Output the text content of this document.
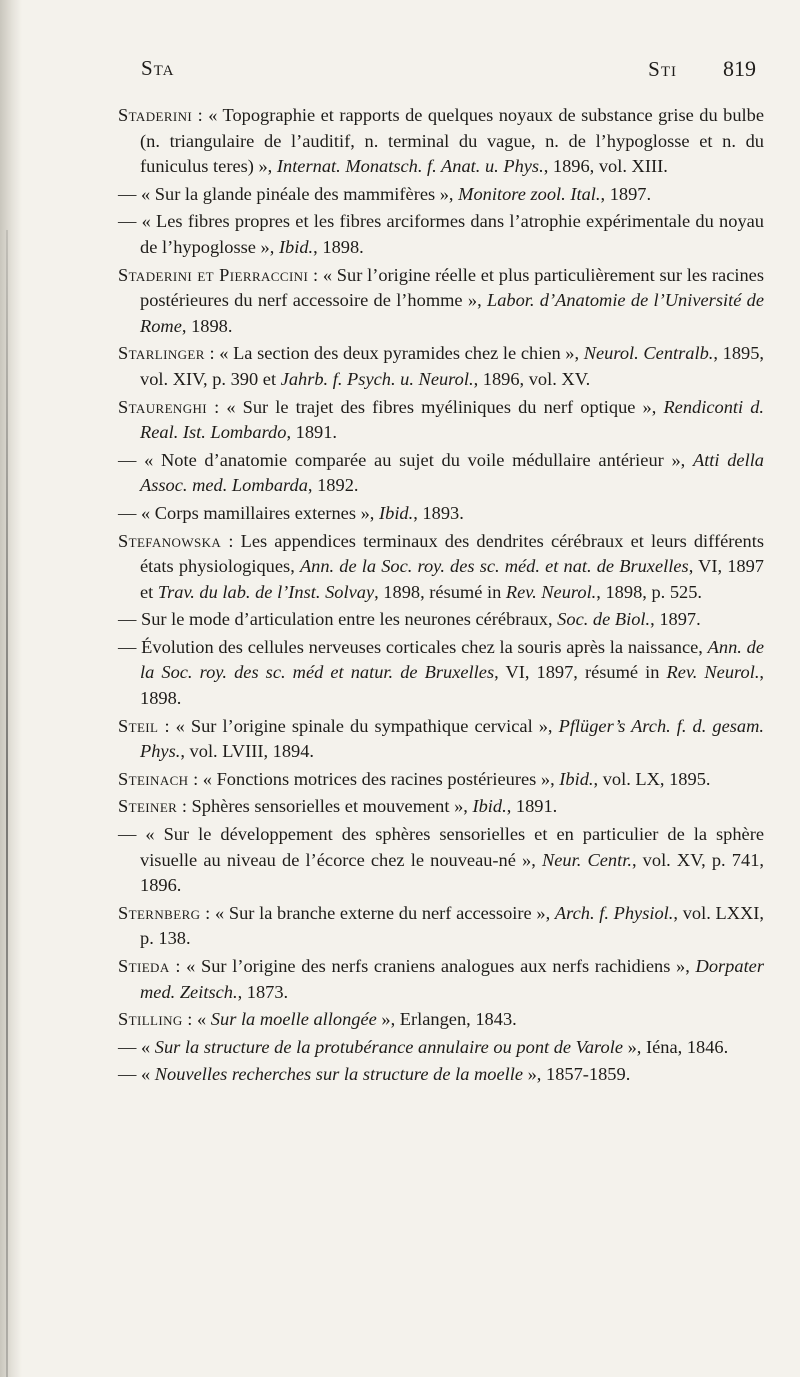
Sta	Sti 819

Staderini : « Topographie et rapports de quelques noyaux de substance grise du bulbe (n. triangulaire de l’auditif, n. terminal du vague, n. de l’hypoglosse et n. du funiculus teres) », Internat. Monatsch. f. Anat. u. Phys., 1896, vol. XIII.

— « Sur la glande pinéale des mammifères », Monitore zool. Ital., 1897.

— « Les fibres propres et les fibres arciformes dans l’atrophie expérimentale du noyau de l’hypoglosse », Ibid., 1898.

Staderini et Pierraccini : « Sur l’origine réelle et plus particulièrement sur les racines postérieures du nerf accessoire de l’homme », Labor. d’Anatomie de l’Université de Rome, 1898.

Starlinger : « La section des deux pyramides chez le chien », Neurol. Centralb., 1895, vol. XIV, p. 390 et Jahrb. f. Psych. u. Neurol., 1896, vol. XV.

Staurenghi : « Sur le trajet des fibres myéliniques du nerf optique », Rendiconti d. Real. Ist. Lombardo, 1891.

— « Note d’anatomie comparée au sujet du voile médullaire antérieur », Atti della Assoc. med. Lombarda, 1892.

— « Corps mamillaires externes », Ibid., 1893.

Stefanowska : Les appendices terminaux des dendrites cérébraux et leurs différents états physiologiques, Ann. de la Soc. roy. des sc. méd. et nat. de Bruxelles, VI, 1897 et Trav. du lab. de l’Inst. Solvay, 1898, résumé in Rev. Neurol., 1898, p. 525.

— Sur le mode d’articulation entre les neurones cérébraux, Soc. de Biol., 1897.

— Évolution des cellules nerveuses corticales chez la souris après la naissance, Ann. de la Soc. roy. des sc. méd et natur. de Bruxelles, VI, 1897, résumé in Rev. Neurol., 1898.

Steil : « Sur l’origine spinale du sympathique cervical », Pflüger’s Arch. f. d. gesam. Phys., vol. LVIII, 1894.

Steinach : « Fonctions motrices des racines postérieures », Ibid., vol. LX, 1895.

Steiner : Sphères sensorielles et mouvement », Ibid., 1891.

— « Sur le développement des sphères sensorielles et en particulier de la sphère visuelle au niveau de l’écorce chez le nouveau-né », Neur. Centr., vol. XV, p. 741, 1896.

Sternberg : « Sur la branche externe du nerf accessoire », Arch. f. Physiol., vol. LXXI, p. 138.

Stieda : « Sur l’origine des nerfs craniens analogues aux nerfs rachidiens », Dorpater med. Zeitsch., 1873.

Stilling : « Sur la moelle allongée », Erlangen, 1843.

— « Sur la structure de la protubérance annulaire ou pont de Varole », Iéna, 1846.

— « Nouvelles recherches sur la structure de la moelle », 1857-1859.
